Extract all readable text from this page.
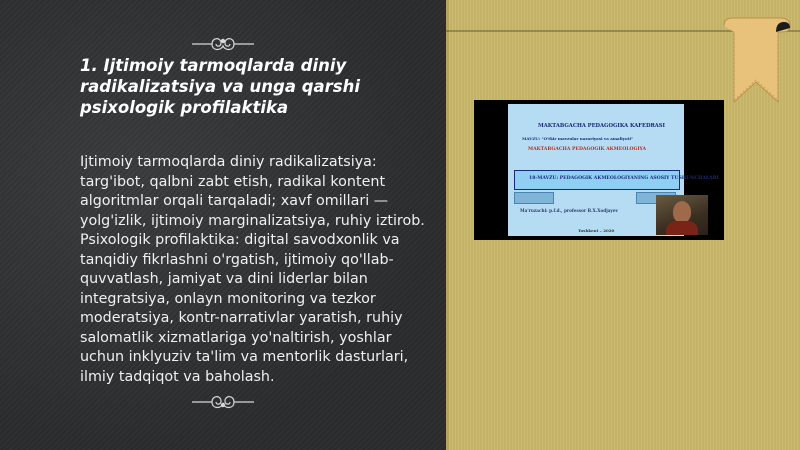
1. Ijtimoiy tarmoqlarda diniy radikalizatsiya va unga qarshi psixologik profilaktika

Ijtimoiy tarmoqlarda diniy radikalizatsiya: targ'ibot, qalbni zabt etish, radikal kontent algoritmlar orqali tarqaladi; xavf omillari — yolg'izlik, ijtimoiy marginalizatsiya, ruhiy iztirob. Psixologik profilaktika: digital savodxonlik va tanqidiy fikrlashni o'rgatish, ijtimoiy qo'llab-quvvatlash, jamiyat va dini liderlar bilan integratsiya, onlayn monitoring va tezkor moderatsiya, kontr-narrativlar yaratish, ruhiy salomatlik xizmatlariga yo'naltirish, yoshlar uchun inklyuziv ta'lim va mentorlik dasturlari, ilmiy tadqiqot va baholash.

MAKTABGACHA PEDAGOGIKA KAFEDRASI
MAVZU: "O'tkir mavzular nazariyasi va amaliyoti"
MAKTABGACHA PEDAGOGIK AKMEOLOGIYA
18-MAVZU: PEDAGOGIK AKMEOLOGIYANING ASOSIY TUSHUNCHALARI
Ma'ruzachi: p.f.d., professor B.X.Xodjayev
Toshkent – 2020
